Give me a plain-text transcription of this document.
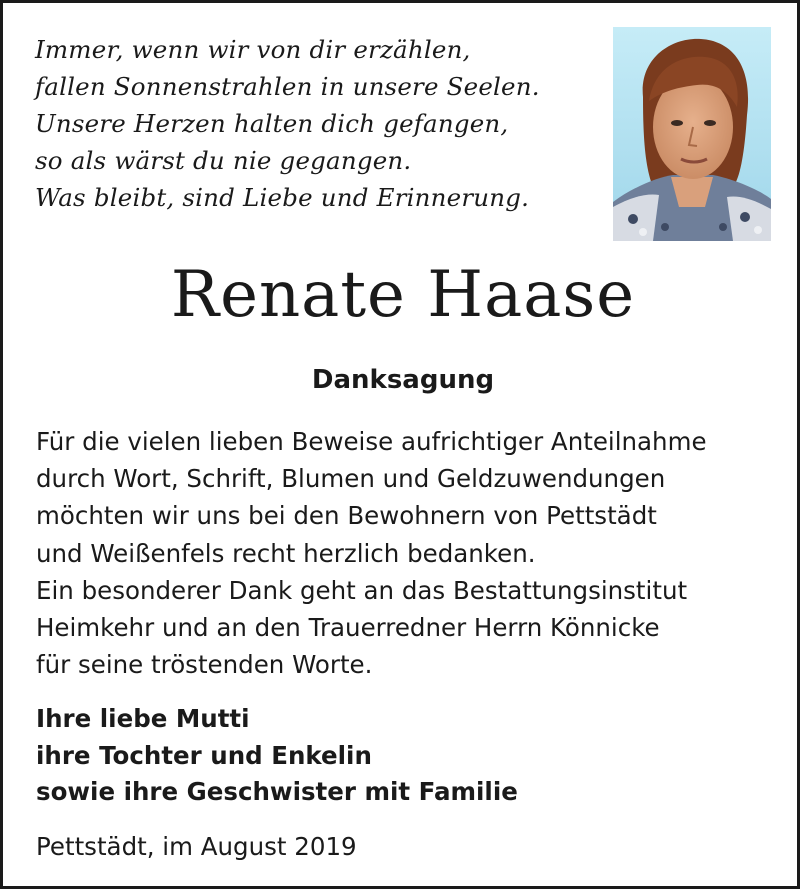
Immer, wenn wir von dir erzählen,
fallen Sonnenstrahlen in unsere Seelen.
Unsere Herzen halten dich gefangen,
so als wärst du nie gegangen.
Was bleibt, sind Liebe und Erinnerung.
Renate Haase
Danksagung
Für die vielen lieben Beweise aufrichtiger Anteilnahme
durch Wort, Schrift, Blumen und Geldzuwendungen
möchten wir uns bei den Bewohnern von Pettstädt
und Weißenfels recht herzlich bedanken.
Ein besonderer Dank geht an das Bestattungsinstitut
Heimkehr und an den Trauerredner Herrn Könnicke
für seine tröstenden Worte.
Ihre liebe Mutti
ihre Tochter und Enkelin
sowie ihre Geschwister mit Familie
Pettstädt, im August 2019
